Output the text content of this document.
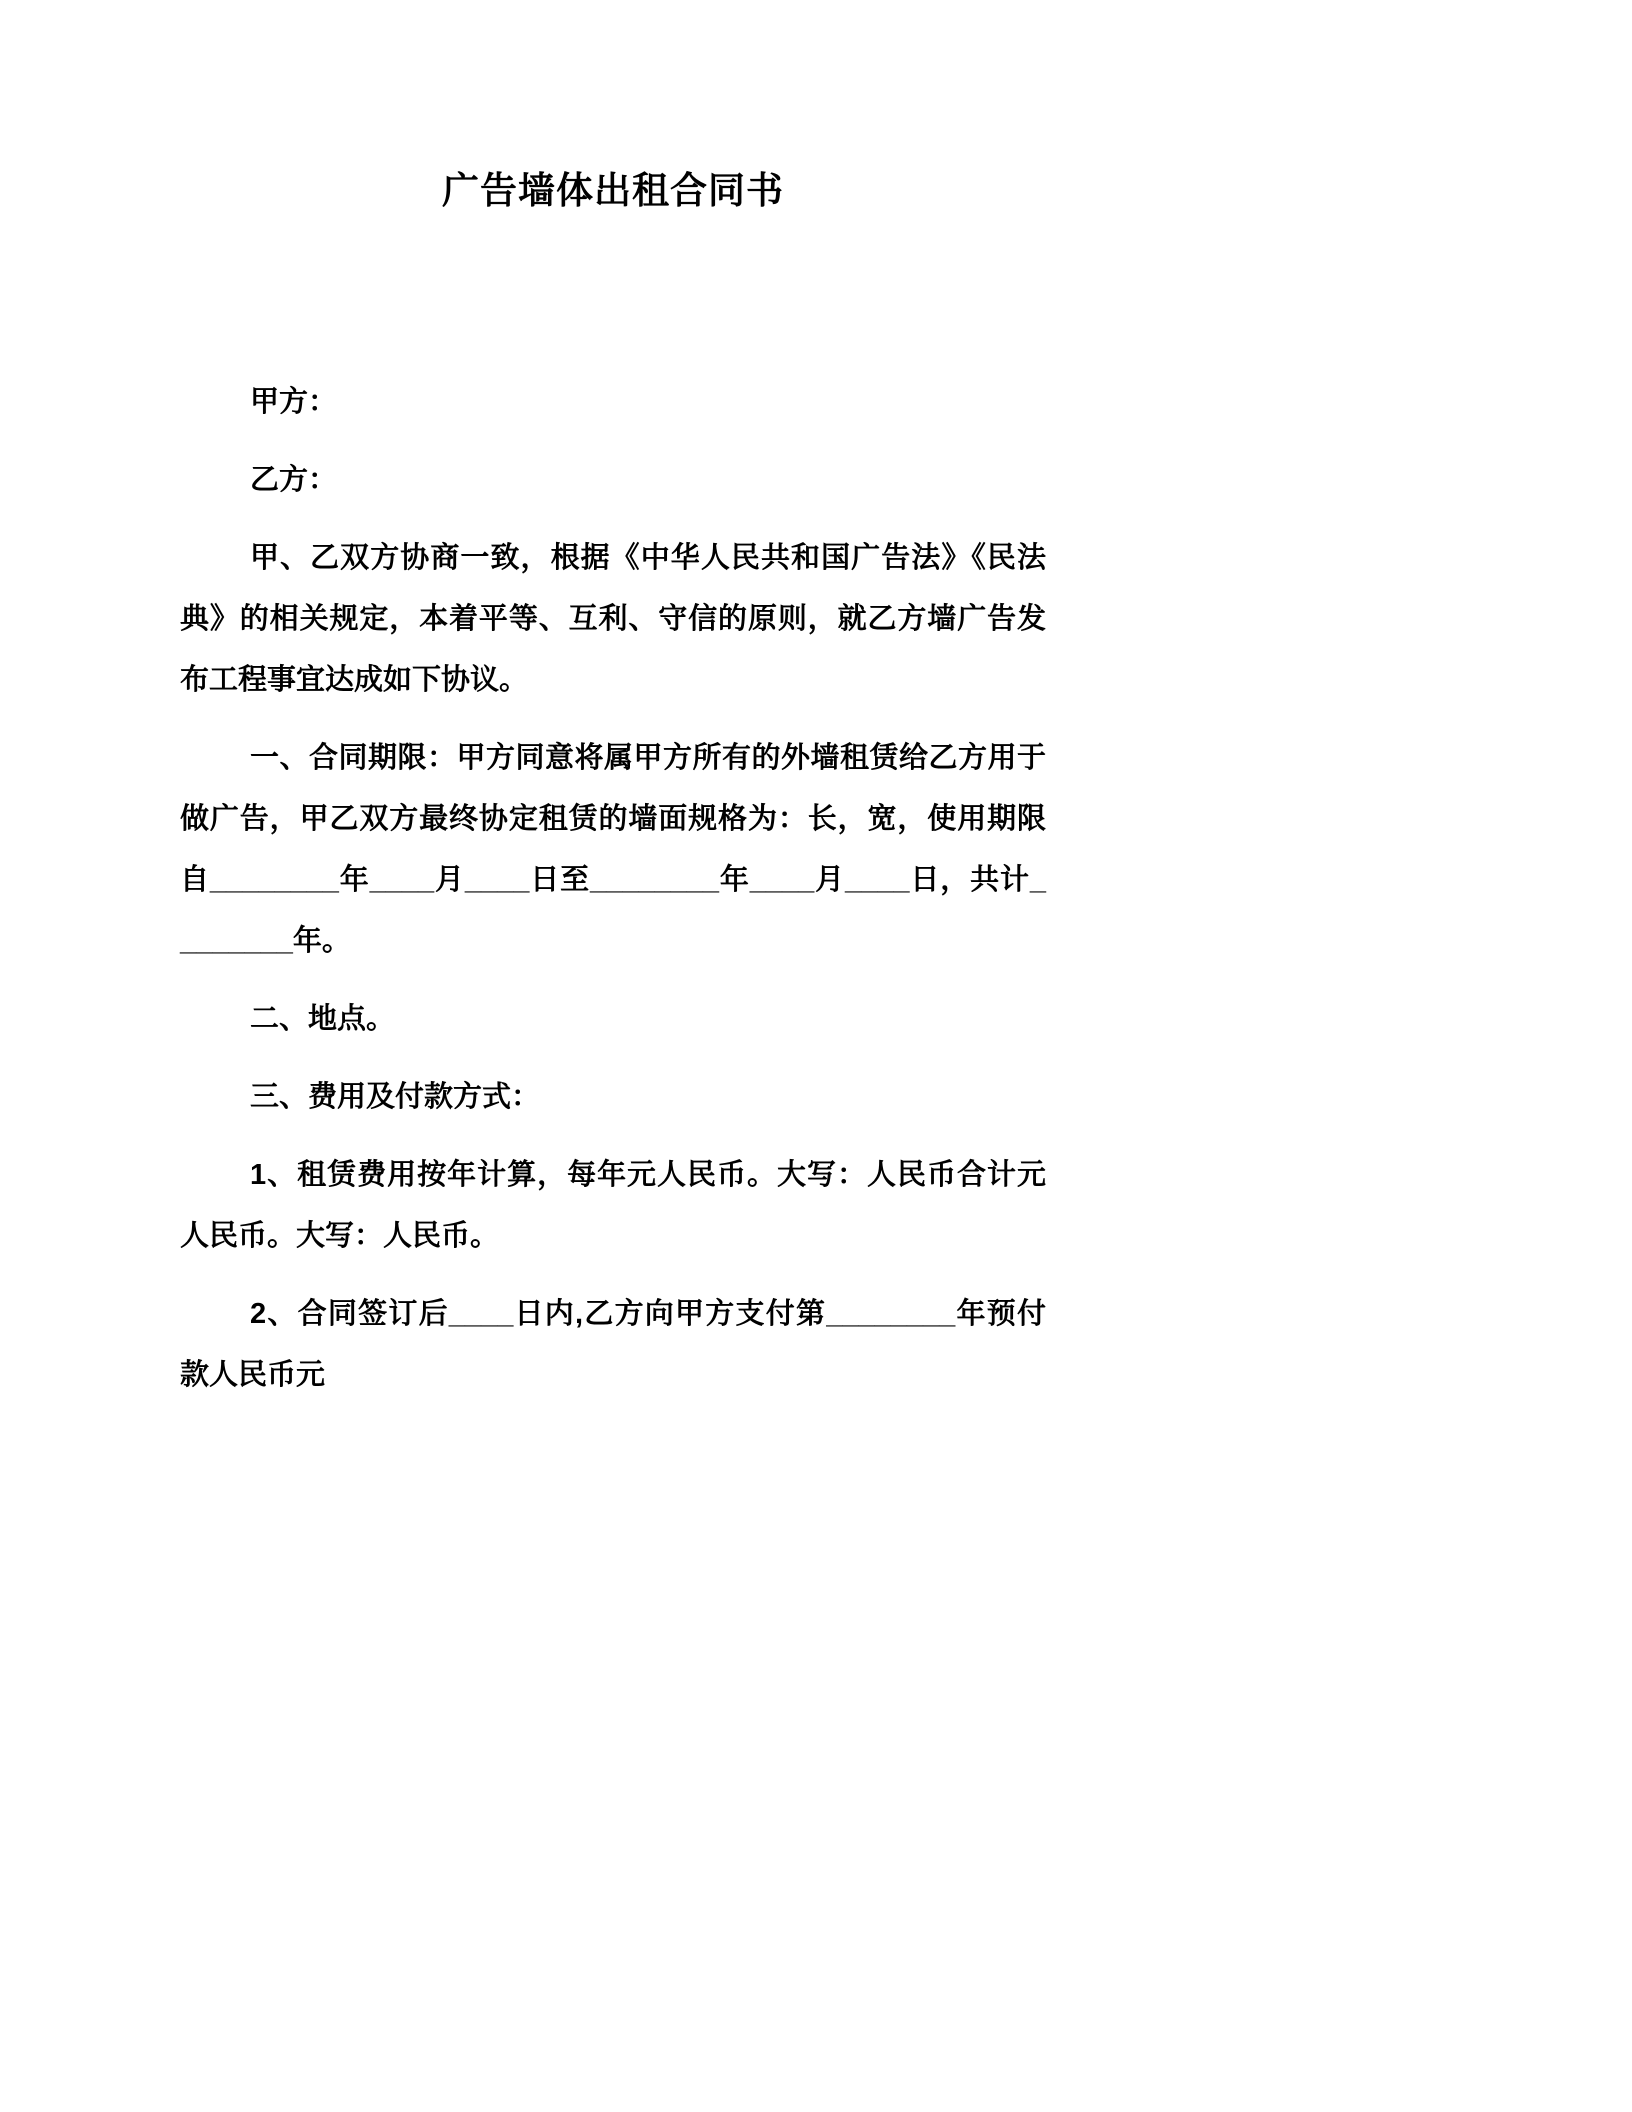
广告墙体出租合同书

甲方：

乙方：

甲、乙双方协商一致，根据《中华人民共和国广告法》《民法典》的相关规定，本着平等、互利、守信的原则，就乙方墙广告发布工程事宜达成如下协议。

一、合同期限：甲方同意将属甲方所有的外墙租赁给乙方用于做广告，甲乙双方最终协定租赁的墙面规格为：长，宽，使用期限自________年____月____日至________年____月____日，共计________年。

二、地点。

三、费用及付款方式：

1、租赁费用按年计算，每年元人民币。大写：人民币合计元人民币。大写：人民币。

2、合同签订后____日内,乙方向甲方支付第________年预付款人民币元
